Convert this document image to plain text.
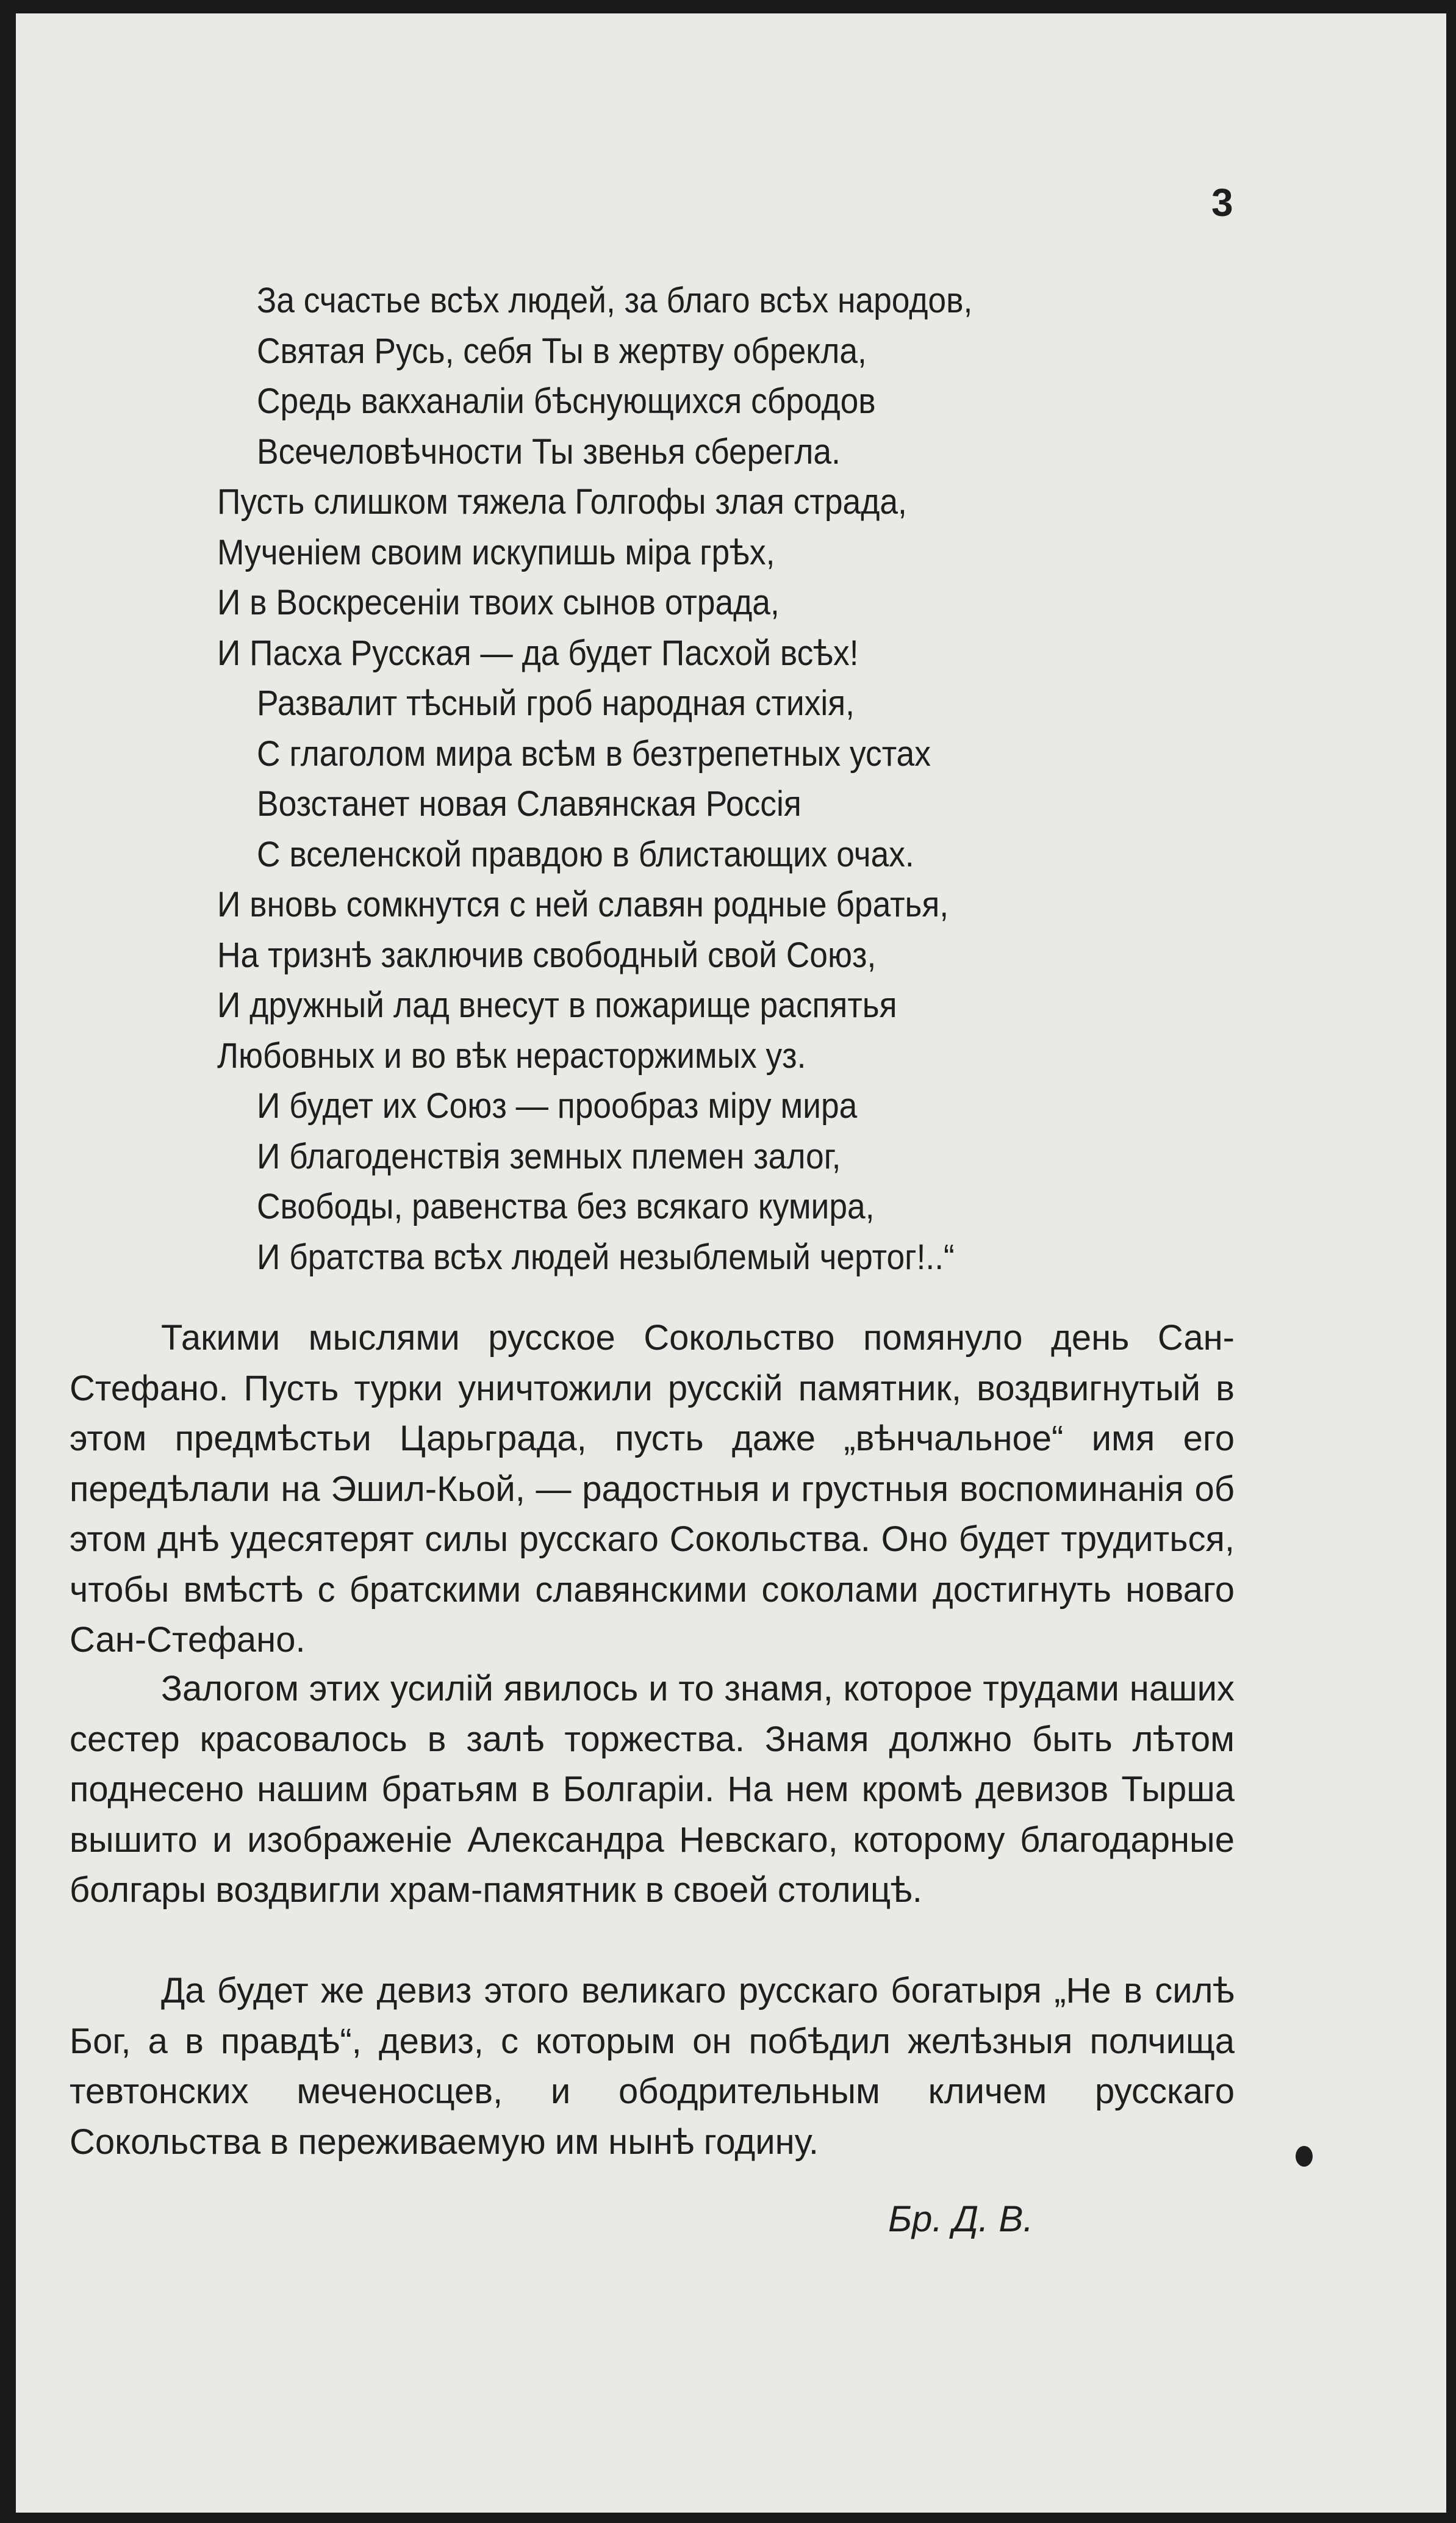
3
За счастье всѣх людей, за благо всѣх народов,
Святая Русь, себя Ты в жертву обрекла,
Средь вакханаліи бѣснующихся сбродов
Всечеловѣчности Ты звенья сберегла.
Пусть слишком тяжела Голгофы злая страда,
Мученіем своим искупишь міра грѣх,
И в Воскресеніи твоих сынов отрада,
И Пасха Русская — да будет Пасхой всѣх!
Развалит тѣсный гроб народная стихія,
С глаголом мира всѣм в безтрепетных устах
Возстанет новая Славянская Россія
С вселенской правдою в блистающих очах.
И вновь сомкнутся с ней славян родные братья,
На тризнѣ заключив свободный свой Союз,
И дружный лад внесут в пожарище распятья
Любовных и во вѣк нерасторжимых уз.
И будет их Союз — прообраз міру мира
И благоденствія земных племен залог,
Свободы, равенства без всякаго кумира,
И братства всѣх людей незыблемый чертог!..“

Такими мыслями русское Сокольство помянуло день Сан-Стефано. Пусть турки уничтожили русскій памятник, воздвигнутый в этом предмѣстьи Царьграда, пусть даже „вѣнчальное“ имя его передѣлали на Эшил-Кьой, — радостныя и грустныя воспоминанія об этом днѣ удесятерят силы русскаго Сокольства. Оно будет трудиться, чтобы вмѣстѣ с братскими славянскими соколами достигнуть новаго Сан-Стефано.

Залогом этих усилій явилось и то знамя, которое трудами наших сестер красовалось в залѣ торжества. Знамя должно быть лѣтом поднесено нашим братьям в Болгаріи. На нем кромѣ девизов Тырша вышито и изображеніе Александра Невскаго, которому благодарные болгары воздвигли храм-памятник в своей столицѣ.

Да будет же девиз этого великаго русскаго богатыря „Не в силѣ Бог, а в правдѣ“, девиз, с которым он побѣдил желѣзныя полчища тевтонских меченосцев, и ободрительным кличем русскаго Сокольства в переживаемую им нынѣ годину.

Бр. Д. В.
